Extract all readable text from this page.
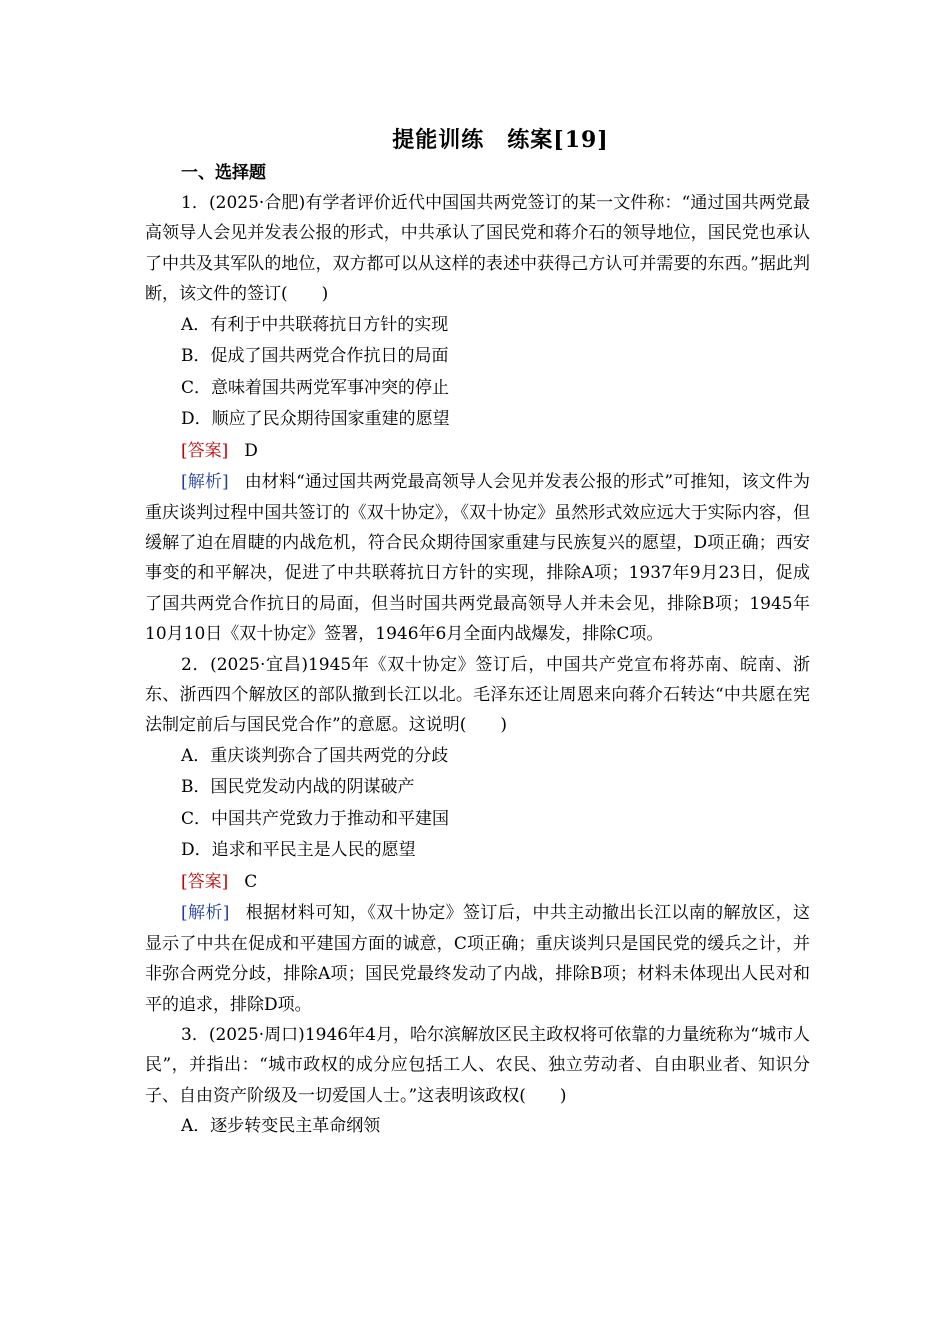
提能训练　练案[19]
一、选择题

1．(2025·合肥)有学者评价近代中国国共两党签订的某一文件称：“通过国共两党最高领导人会见并发表公报的形式，中共承认了国民党和蒋介石的领导地位，国民党也承认了中共及其军队的地位，双方都可以从这样的表述中获得己方认可并需要的东西。”据此判断，该文件的签订(　　)

A．有利于中共联蒋抗日方针的实现

B．促成了国共两党合作抗日的局面

C．意味着国共两党军事冲突的停止

D．顺应了民众期待国家重建的愿望

[答案] D

[解析] 由材料“通过国共两党最高领导人会见并发表公报的形式”可推知，该文件为重庆谈判过程中国共签订的《双十协定》，《双十协定》虽然形式效应远大于实际内容，但缓解了迫在眉睫的内战危机，符合民众期待国家重建与民族复兴的愿望，D项正确；西安事变的和平解决，促进了中共联蒋抗日方针的实现，排除A项；1937年9月23日，促成了国共两党合作抗日的局面，但当时国共两党最高领导人并未会见，排除B项；1945年10月10日《双十协定》签署，1946年6月全面内战爆发，排除C项。

2．(2025·宜昌)1945年《双十协定》签订后，中国共产党宣布将苏南、皖南、浙东、浙西四个解放区的部队撤到长江以北。毛泽东还让周恩来向蒋介石转达“中共愿在宪法制定前后与国民党合作”的意愿。这说明(　　)

A．重庆谈判弥合了国共两党的分歧

B．国民党发动内战的阴谋破产

C．中国共产党致力于推动和平建国

D．追求和平民主是人民的愿望

[答案] C

[解析] 根据材料可知，《双十协定》签订后，中共主动撤出长江以南的解放区，这显示了中共在促成和平建国方面的诚意，C项正确；重庆谈判只是国民党的缓兵之计，并非弥合两党分歧，排除A项；国民党最终发动了内战，排除B项；材料未体现出人民对和平的追求，排除D项。

3．(2025·周口)1946年4月，哈尔滨解放区民主政权将可依靠的力量统称为“城市人民”，并指出：“城市政权的成分应包括工人、农民、独立劳动者、自由职业者、知识分子、自由资产阶级及一切爱国人士。”这表明该政权(　　)

A．逐步转变民主革命纲领
